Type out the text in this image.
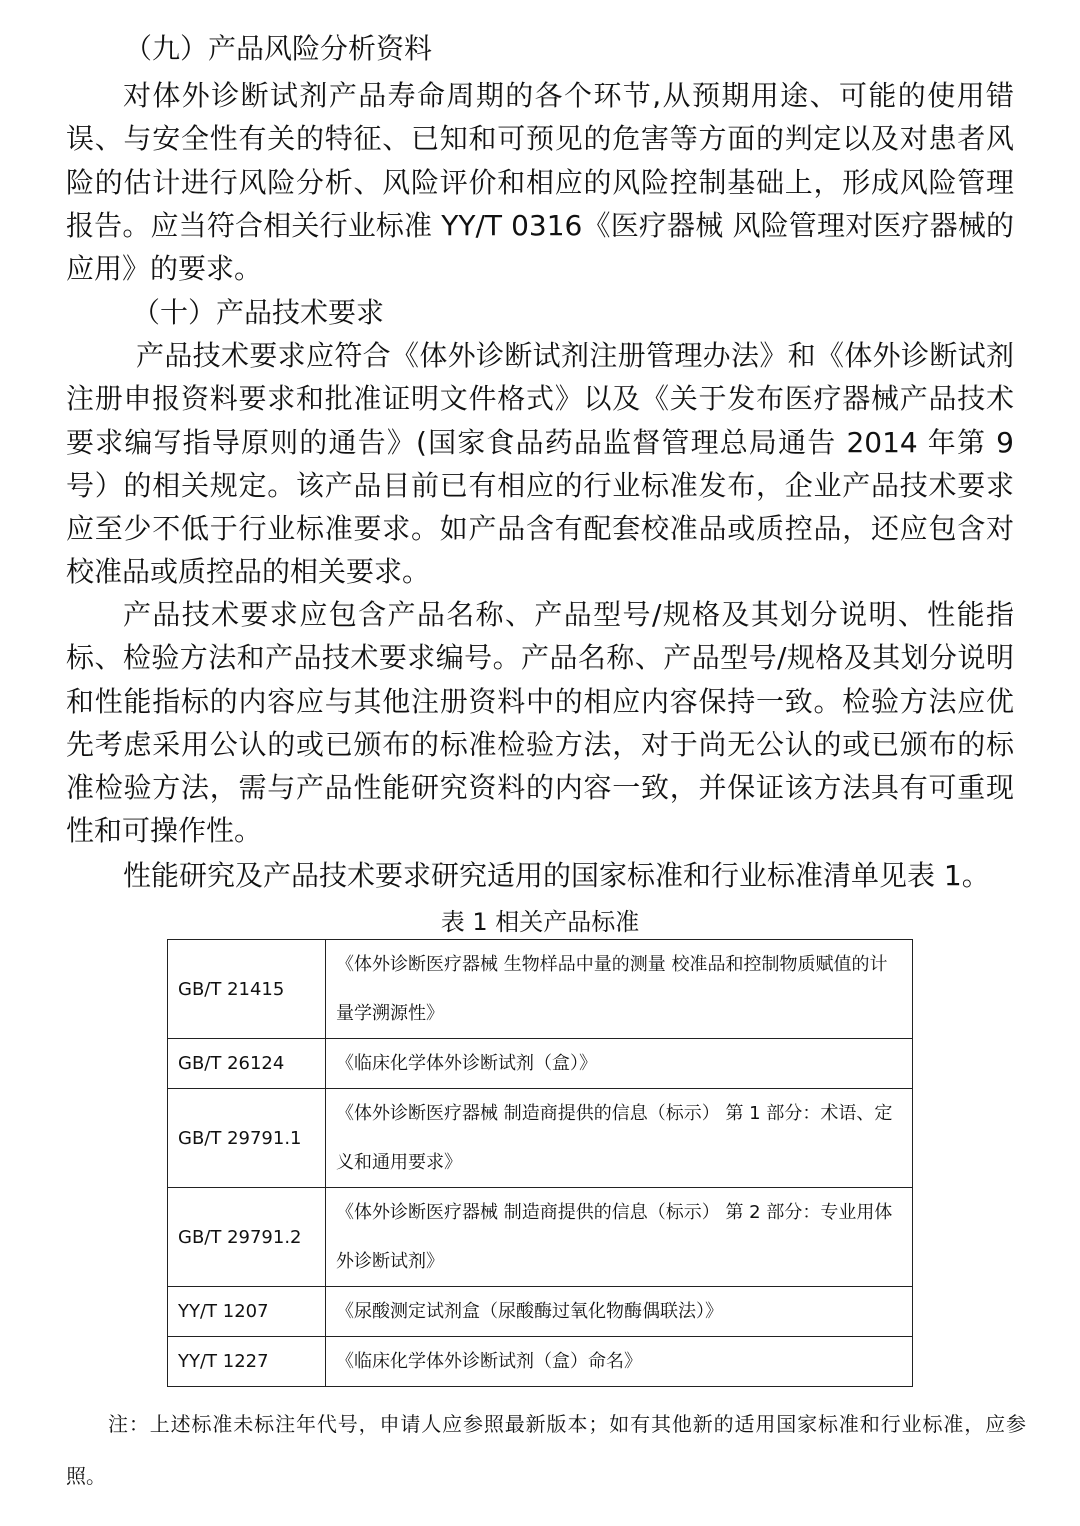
（九）产品风险分析资料
对体外诊断试剂产品寿命周期的各个环节,从预期用途、可能的使用错误、与安全性有关的特征、已知和可预见的危害等方面的判定以及对患者风险的估计进行风险分析、风险评价和相应的风险控制基础上，形成风险管理报告。应当符合相关行业标准 YY/T 0316《医疗器械 风险管理对医疗器械的应用》的要求。
（十）产品技术要求
产品技术要求应符合《体外诊断试剂注册管理办法》和《体外诊断试剂注册申报资料要求和批准证明文件格式》以及《关于发布医疗器械产品技术要求编写指导原则的通告》(国家食品药品监督管理总局通告 2014 年第 9 号）的相关规定。该产品目前已有相应的行业标准发布，企业产品技术要求应至少不低于行业标准要求。如产品含有配套校准品或质控品，还应包含对校准品或质控品的相关要求。
产品技术要求应包含产品名称、产品型号/规格及其划分说明、性能指标、检验方法和产品技术要求编号。产品名称、产品型号/规格及其划分说明和性能指标的内容应与其他注册资料中的相应内容保持一致。检验方法应优先考虑采用公认的或已颁布的标准检验方法，对于尚无公认的或已颁布的标准检验方法，需与产品性能研究资料的内容一致，并保证该方法具有可重现性和可操作性。
性能研究及产品技术要求研究适用的国家标准和行业标准清单见表 1。
表 1 相关产品标准
GB/T 21415	《体外诊断医疗器械 生物样品中量的测量 校准品和控制物质赋值的计量学溯源性》
GB/T 26124	《临床化学体外诊断试剂（盒）》
GB/T 29791.1	《体外诊断医疗器械 制造商提供的信息（标示） 第 1 部分：术语、定义和通用要求》
GB/T 29791.2	《体外诊断医疗器械 制造商提供的信息（标示） 第 2 部分：专业用体外诊断试剂》
YY/T 1207	《尿酸测定试剂盒（尿酸酶过氧化物酶偶联法）》
YY/T 1227	《临床化学体外诊断试剂（盒）命名》
注：上述标准未标注年代号，申请人应参照最新版本；如有其他新的适用国家标准和行业标准，应参照。
